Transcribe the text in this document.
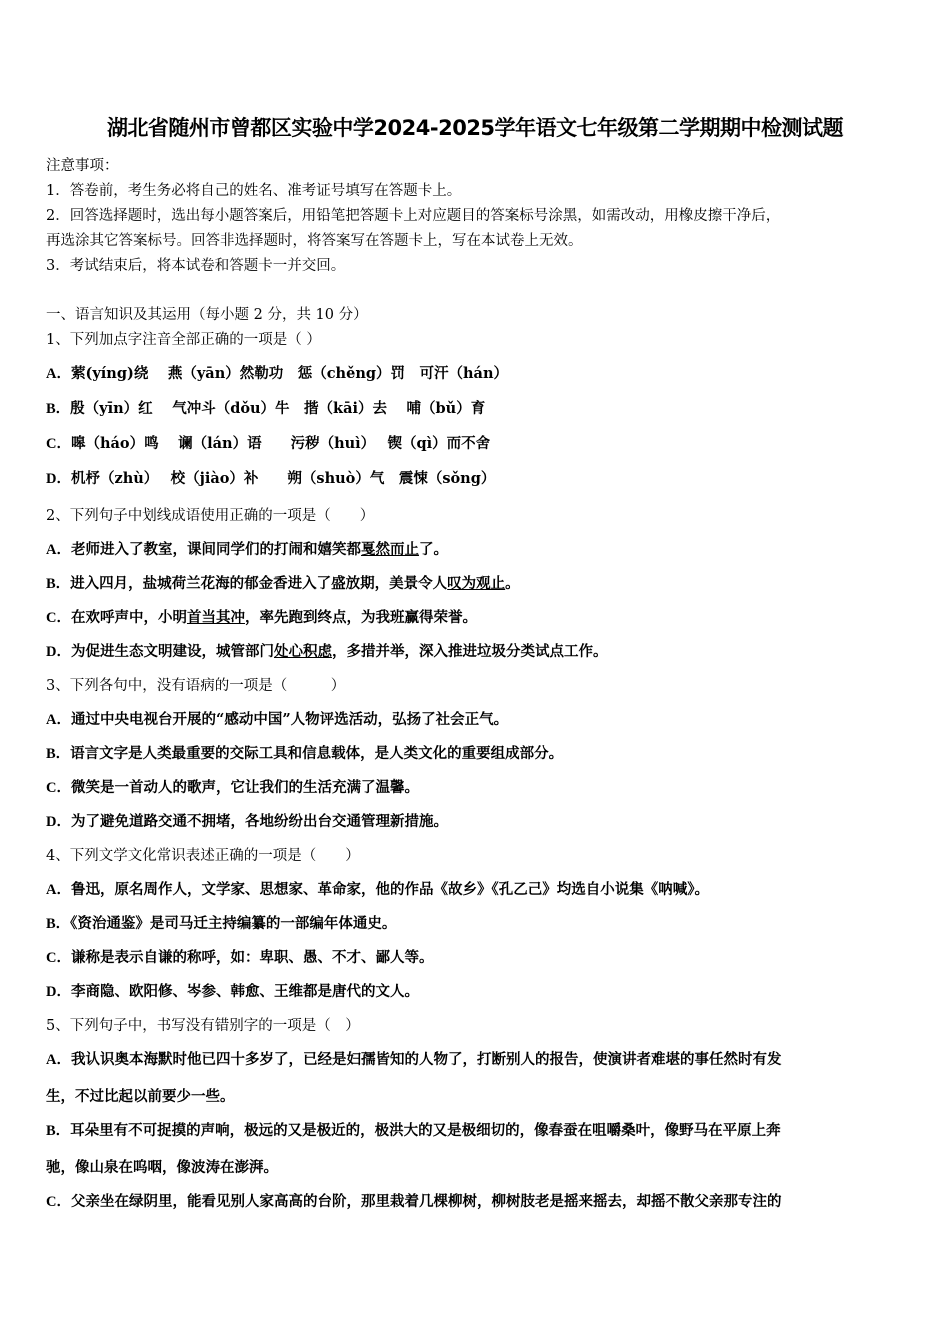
湖北省随州市曾都区实验中学2024-2025学年语文七年级第二学期期中检测试题
注意事项：
1．答卷前，考生务必将自己的姓名、准考证号填写在答题卡上。
2．回答选择题时，选出每小题答案后，用铅笔把答题卡上对应题目的答案标号涂黑，如需改动，用橡皮擦干净后，
再选涂其它答案标号。回答非选择题时，将答案写在答题卡上，写在本试卷上无效。
3．考试结束后，将本试卷和答题卡一并交回。
一、语言知识及其运用（每小题 2 分，共 10 分）
1、下列加点字注音全部正确的一项是（ ）
A．萦(yíng)绕　 燕（yān）然勒功　惩（chěng）罚　可汗（hán）
B．殷（yīn）红　 气冲斗（dǒu）牛　揩（kāi）去　 哺（bǔ）育
C．嗥（háo）鸣　 谰（lán）语　　污秽（huì）　 锲（qì）而不舍
D．机杼（zhù）　 校（jiào）补　　朔（shuò）气　震悚（sǒng）
2、下列句子中划线成语使用正确的一项是（　　）
A．老师进入了教室，课间同学们的打闹和嬉笑都戛然而止了。
B．进入四月，盐城荷兰花海的郁金香进入了盛放期，美景令人叹为观止。
C．在欢呼声中，小明首当其冲，率先跑到终点，为我班赢得荣誉。
D．为促进生态文明建设，城管部门处心积虑，多措并举，深入推进垃圾分类试点工作。
3、下列各句中，没有语病的一项是（　　　）
A．通过中央电视台开展的“感动中国”人物评选活动，弘扬了社会正气。
B．语言文字是人类最重要的交际工具和信息载体，是人类文化的重要组成部分。
C．微笑是一首动人的歌声，它让我们的生活充满了温馨。
D．为了避免道路交通不拥堵，各地纷纷出台交通管理新措施。
4、下列文学文化常识表述正确的一项是（　　）
A．鲁迅，原名周作人，文学家、思想家、革命家，他的作品《故乡》《孔乙己》均选自小说集《呐喊》。
B．《资治通鉴》是司马迁主持编纂的一部编年体通史。
C．谦称是表示自谦的称呼，如：卑职、愚、不才、鄙人等。
D．李商隐、欧阳修、岑参、韩愈、王维都是唐代的文人。
5、下列句子中，书写没有错别字的一项是（　）
A．我认识奥本海默时他已四十多岁了，已经是妇孺皆知的人物了，打断别人的报告，使演讲者难堪的事任然时有发
生，不过比起以前要少一些。
B．耳朵里有不可捉摸的声响，极远的又是极近的，极洪大的又是极细切的，像春蚕在咀嚼桑叶，像野马在平原上奔
驰，像山泉在呜咽，像波涛在澎湃。
C．父亲坐在绿阴里，能看见别人家高高的台阶，那里栽着几棵柳树，柳树肢老是摇来摇去，却摇不散父亲那专注的
